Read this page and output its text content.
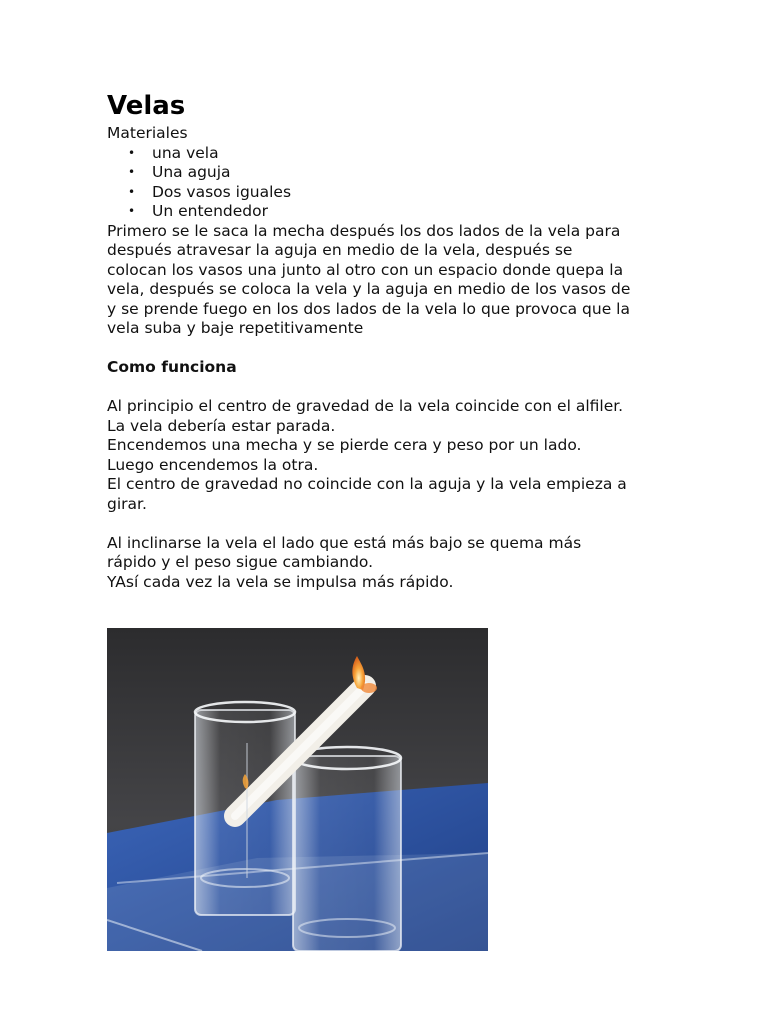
Velas
Materiales
• una vela
• Una aguja
• Dos vasos iguales
• Un entendedor
Primero se le saca la mecha después los dos lados de la vela para
después atravesar la aguja en medio de la vela, después se
colocan los vasos una junto al otro con un espacio donde quepa la
vela, después se coloca la vela y la aguja en medio de los vasos de
y se prende fuego en los dos lados de la vela lo que provoca que la
vela suba y baje repetitivamente
Como funciona
Al principio el centro de gravedad de la vela coincide con el alfiler.
La vela debería estar parada.
Encendemos una mecha y se pierde cera y peso por un lado.
Luego encendemos la otra.
El centro de gravedad no coincide con la aguja y la vela empieza a
girar.
Al inclinarse la vela el lado que está más bajo se quema más
rápido y el peso sigue cambiando.
YAsí cada vez la vela se impulsa más rápido.
